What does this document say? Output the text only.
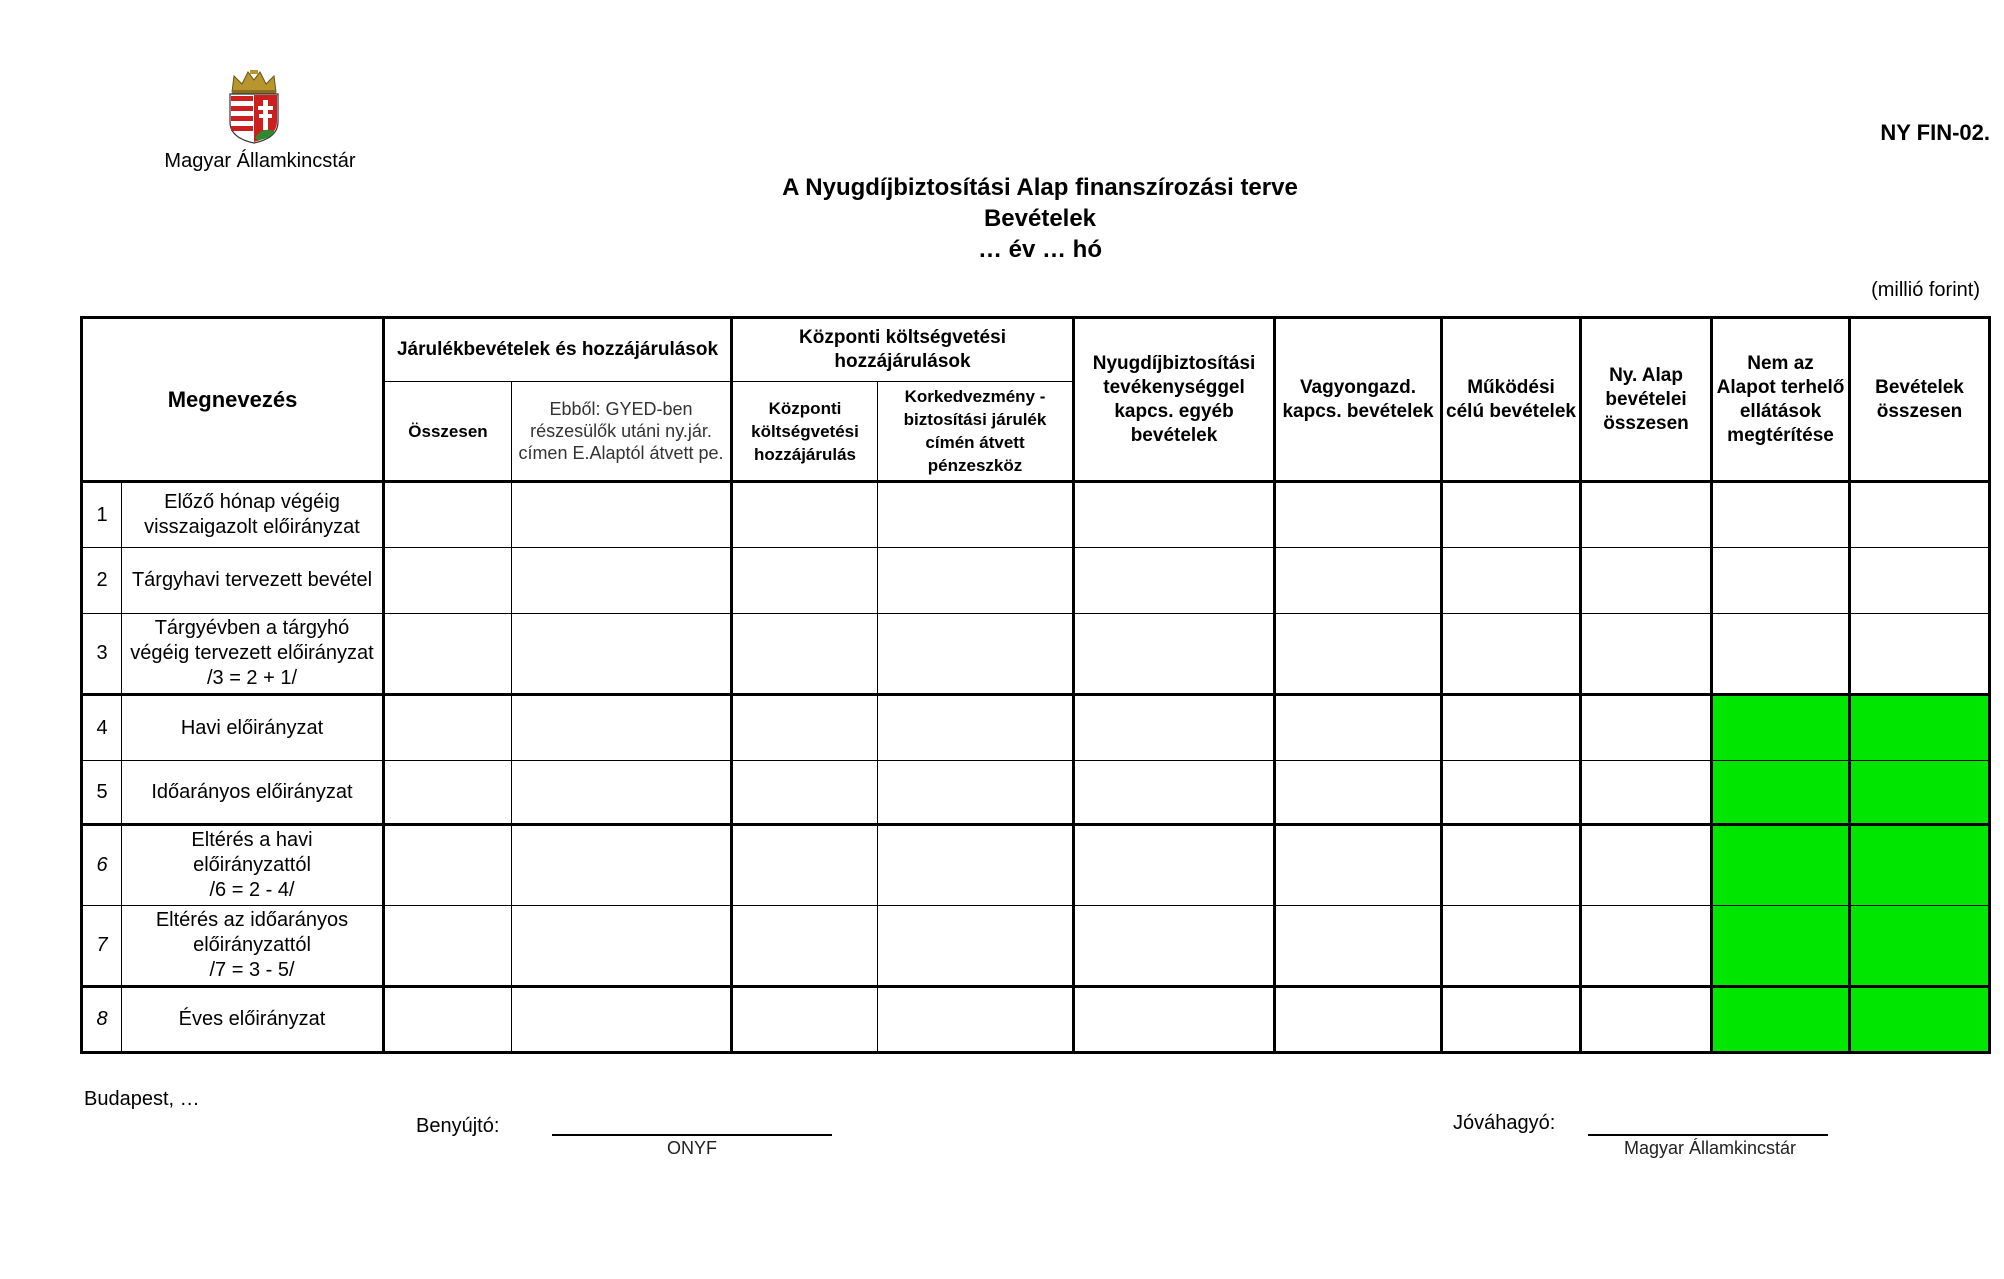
Magyar Államkincstár
NY FIN-02.
A Nyugdíjbiztosítási Alap finanszírozási terve
Bevételek
… év … hó
(millió forint)
Megnevezés		Járulékbevételek és hozzájárulások		Központi költségvetési hozzájárulások		Nyugdíjbiztosítási tevékenységgel kapcs. egyéb bevételek	Vagyongazd. kapcs. bevételek	Működési célú bevételek	Ny. Alap bevételei összesen	Nem az Alapot terhelő ellátások megtérítése	Bevételek összesen
		Összesen	Ebből: GYED-ben részesülők utáni ny.jár. címen E.Alaptól átvett pe.	Központi költségvetési hozzájárulás	Korkedvezmény - biztosítási járulék címén átvett pénzeszköz						
1	Előző hónap végéig visszaigazolt előirányzat										
2	Tárgyhavi tervezett bevétel										
3	Tárgyévben a tárgyhó végéig tervezett előirányzat /3 = 2 + 1/										
4	Havi előirányzat										
5	Időarányos előirányzat										
6	Eltérés a havi
előirányzattól
/6 = 2 - 4/										

7	Eltérés az időarányos
előirányzattól
/7 = 3 - 5/										

8	Éves előirányzat										
Budapest, …
Benyújtó:
ONYF
Jóváhagyó:
Magyar Államkincstár
